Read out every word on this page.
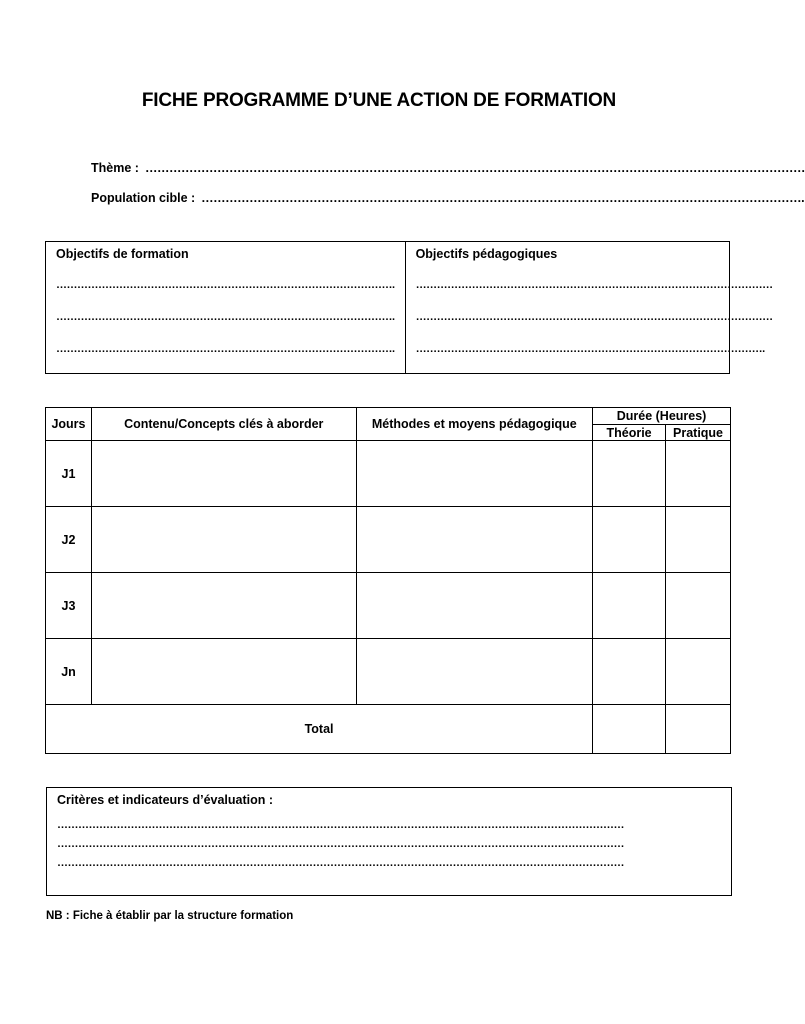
FICHE PROGRAMME D’UNE ACTION DE FORMATION
Thème : …………………………………………………………………………………………………………………………………………………
Population cible : …………………………………………………………………………………………………………………………………….
Objectifs de formation
…………………………………………………………………………………….
…………………………………………………………………………………….
…………………………………………………………………………………….
Objectifs pédagogiques
…………………………………………………………………………………………
…………………………………………………………………………………………
……………………………………………………………………………………….
Jours	Contenu/Concepts clés à aborder	Méthodes et moyens pédagogique	Durée (Heures)	
			Théorie	Pratique
J1				
J2				
J3				
Jn				
Total				
Critères et indicateurs d’évaluation :
………………………………………………………………………………………………………………………………………………
………………………………………………………………………………………………………………………………………………
………………………………………………………………………………………………………………………………………………
NB : Fiche à établir par la structure formation
